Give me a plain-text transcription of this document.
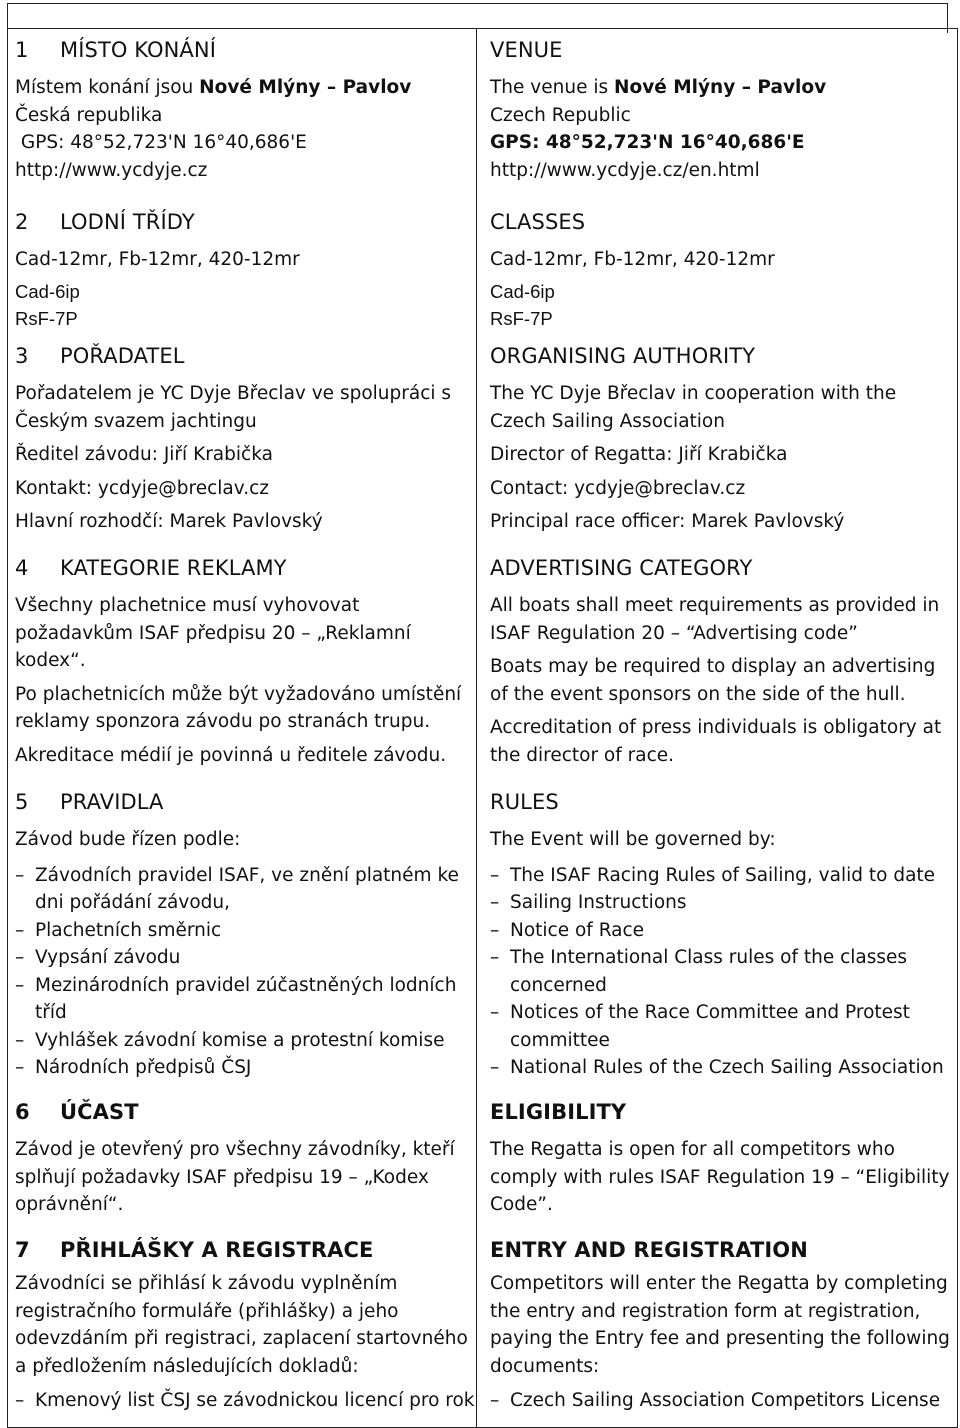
1 MÍSTO KONÁNÍ

Místem konání jsou Nové Mlýny – Pavlov

Česká republika

GPS: 48°52,723'N 16°40,686'E

http://www.ycdyje.cz

2 LODNÍ TŘÍDY

Cad-12mr, Fb-12mr, 420-12mr

Cad-6ip
RsF-7P
3 POŘADATEL

Pořadatelem je YC Dyje Břeclav ve spolupráci s Českým svazem jachtingu

Ředitel závodu: Jiří Krabička

Kontakt: ycdyje@breclav.cz

Hlavní rozhodčí: Marek Pavlovský

4 KATEGORIE REKLAMY

Všechny plachetnice musí vyhovovat požadavkům ISAF předpisu 20 – „Reklamní kodex“.

Po plachetnicích může být vyžadováno umístění reklamy sponzora závodu po stranách trupu.

Akreditace médií je povinná u ředitele závodu.

5 PRAVIDLA

Závod bude řízen podle:

– Závodních pravidel ISAF, ve znění platném ke dni pořádání závodu,
– Plachetních směrnic
– Vypsání závodu
– Mezinárodních pravidel zúčastněných lodních tříd
– Vyhlášek závodní komise a protestní komise
– Národních předpisů ČSJ
6 ÚČAST

Závod je otevřený pro všechny závodníky, kteří splňují požadavky ISAF předpisu 19 – „Kodex oprávnění“.

7 PŘIHLÁŠKY A REGISTRACE

Závodníci se přihlásí k závodu vyplněním registračního formuláře (přihlášky) a jeho odevzdáním při registraci, zaplacení startovného a předložením následujících dokladů:

– Kmenový list ČSJ se závodnickou licencí pro rok
VENUE

The venue is Nové Mlýny – Pavlov

Czech Republic

GPS: 48°52,723'N 16°40,686'E

http://www.ycdyje.cz/en.html

CLASSES

Cad-12mr, Fb-12mr, 420-12mr

Cad-6ip
RsF-7P
ORGANISING AUTHORITY

The YC Dyje Břeclav in cooperation with the Czech Sailing Association

Director of Regatta: Jiří Krabička

Contact: ycdyje@breclav.cz

Principal race officer: Marek Pavlovský

ADVERTISING CATEGORY

All boats shall meet requirements as provided in ISAF Regulation 20 – “Advertising code”

Boats may be required to display an advertising of the event sponsors on the side of the hull.

Accreditation of press individuals is obligatory at the director of race.

RULES

The Event will be governed by:

– The ISAF Racing Rules of Sailing, valid to date
– Sailing Instructions
– Notice of Race
– The International Class rules of the classes concerned
– Notices of the Race Committee and Protest committee
– National Rules of the Czech Sailing Association
ELIGIBILITY

The Regatta is open for all competitors who comply with rules ISAF Regulation 19 – “Eligibility Code”.

ENTRY AND REGISTRATION

Competitors will enter the Regatta by completing the entry and registration form at registration, paying the Entry fee and presenting the following documents:

– Czech Sailing Association Competitors License
